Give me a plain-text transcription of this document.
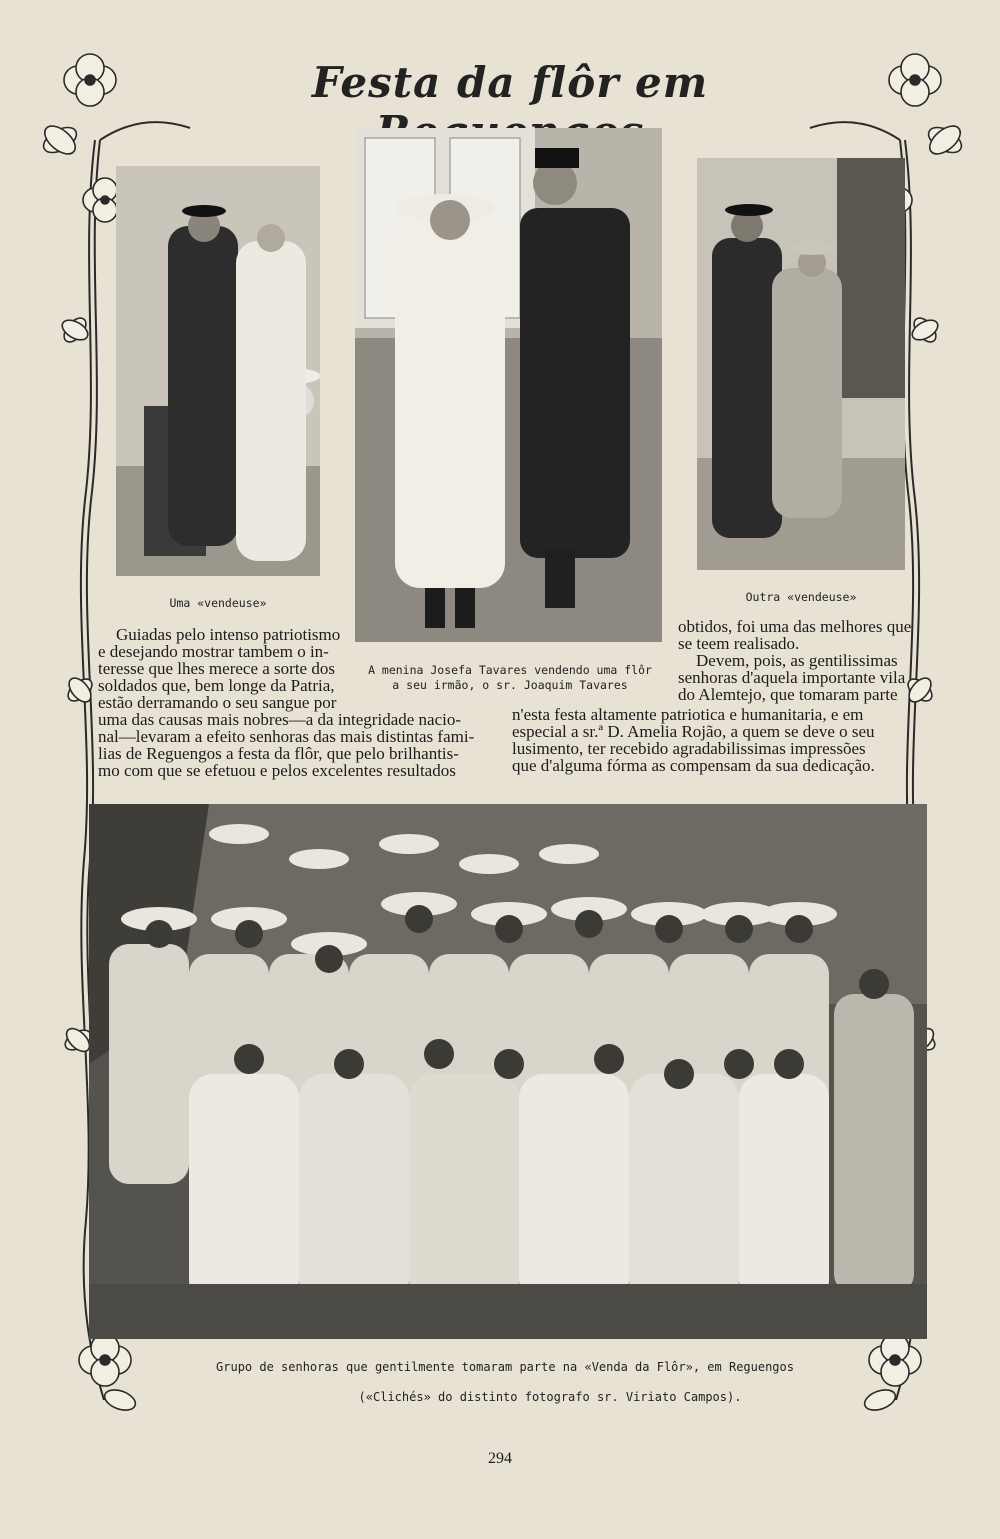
Festa da flôr em
Uma «vendeuse»
A menina Josefa Tavares vendendo uma flôr
a seu irmão, o sr. Joaquim Tavares
Outra «vendeuse»
Guiadas pelo intenso patriotismo
e desejando mostrar tambem o in-
teresse que lhes merece a sorte dos
soldados que, bem longe da Patria,
estão derramando o seu sangue por
uma das causas mais nobres—a da integridade nacio-
nal—levaram a efeito senhoras das mais distintas fami-
lias de Reguengos a festa da flôr, que pelo brilhantis-
mo com que se efetuou e pelos excelentes resultados
obtidos, foi uma das melhores que
se teem realisado.
Devem, pois, as gentilissimas
senhoras d'aquela importante vila
do Alemtejo, que tomaram parte
n'esta festa altamente patriotica e humanitaria, e em
especial a sr.ª D. Amelia Rojão, a quem se deve o seu
lusimento, ter recebido agradabilissimas impressões
que d'alguma fórma as compensam da sua dedicação.
Grupo de senhoras que gentilmente tomaram parte na «Venda da Flôr», em Reguengos
(«Clichés» do distinto fotografo sr. Viriato Campos).
294
